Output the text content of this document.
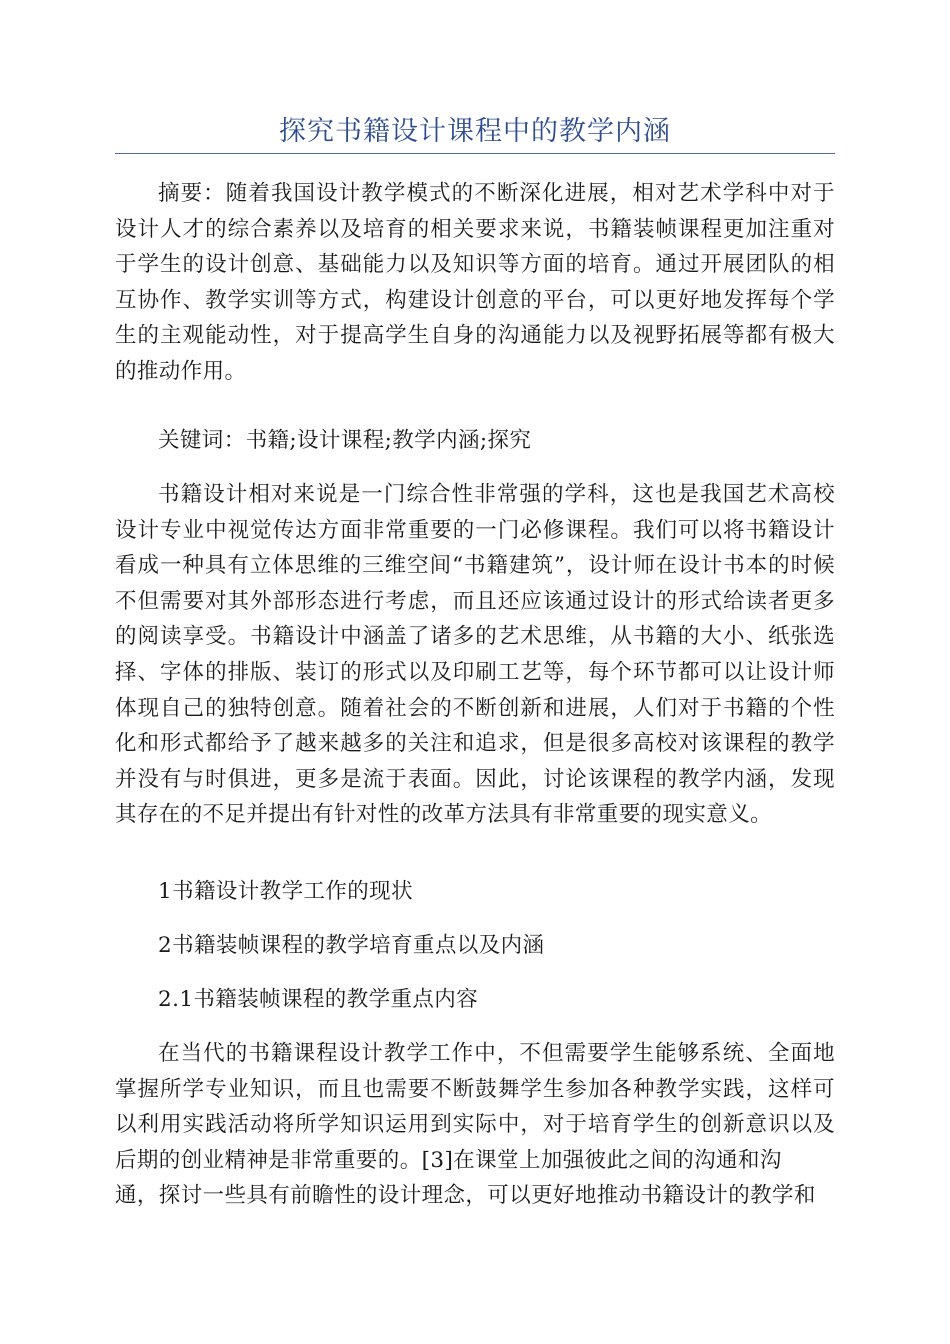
探究书籍设计课程中的教学内涵

摘要：随着我国设计教学模式的不断深化进展，相对艺术学科中对于设计人才的综合素养以及培育的相关要求来说，书籍装帧课程更加注重对于学生的设计创意、基础能力以及知识等方面的培育。通过开展团队的相互协作、教学实训等方式，构建设计创意的平台，可以更好地发挥每个学生的主观能动性，对于提高学生自身的沟通能力以及视野拓展等都有极大的推动作用。

关键词：书籍;设计课程;教学内涵;探究

书籍设计相对来说是一门综合性非常强的学科，这也是我国艺术高校设计专业中视觉传达方面非常重要的一门必修课程。我们可以将书籍设计看成一种具有立体思维的三维空间“书籍建筑”，设计师在设计书本的时候不但需要对其外部形态进行考虑，而且还应该通过设计的形式给读者更多的阅读享受。书籍设计中涵盖了诸多的艺术思维，从书籍的大小、纸张选择、字体的排版、装订的形式以及印刷工艺等，每个环节都可以让设计师体现自己的独特创意。随着社会的不断创新和进展，人们对于书籍的个性化和形式都给予了越来越多的关注和追求，但是很多高校对该课程的教学并没有与时俱进，更多是流于表面。因此，讨论该课程的教学内涵，发现其存在的不足并提出有针对性的改革方法具有非常重要的现实意义。

1书籍设计教学工作的现状

2书籍装帧课程的教学培育重点以及内涵

2.1书籍装帧课程的教学重点内容

在当代的书籍课程设计教学工作中，不但需要学生能够系统、全面地掌握所学专业知识，而且也需要不断鼓舞学生参加各种教学实践，这样可以利用实践活动将所学知识运用到实际中，对于培育学生的创新意识以及后期的创业精神是非常重要的。[3]在课堂上加强彼此之间的沟通和沟

通，探讨一些具有前瞻性的设计理念，可以更好地推动书籍设计的教学和
